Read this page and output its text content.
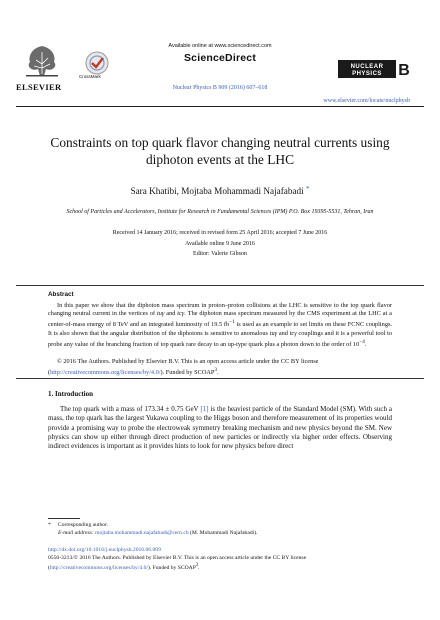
ELSEVIER
CrossMark
Available online at www.sciencedirect.com
ScienceDirect
Nuclear Physics B 909 (2016) 607–618
NUCLEAR
PHYSICS B
www.elsevier.com/locate/nuclphysb
Constraints on top quark flavor changing neutral currents using diphoton events at the LHC
Sara Khatibi, Mojtaba Mohammadi Najafabadi *
School of Particles and Accelerators, Institute for Research in Fundamental Sciences (IPM) P.O. Box 19395-5531, Tehran, Iran
Received 14 January 2016; received in revised form 25 April 2016; accepted 7 June 2016
Available online 9 June 2016
Editor: Valerie Gibson
Abstract

In this paper we show that the diphoton mass spectrum in proton–proton collisions at the LHC is sensitive to the top quark flavor changing neutral current in the vertices of tuγ and tcγ. The diphoton mass spectrum measured by the CMS experiment at the LHC at a center-of-mass energy of 8 TeV and an integrated luminosity of 19.5 $fb^{-1}$ is used as an example to set limits on these FCNC couplings. It is also shown that the angular distribution of the diphotons is sensitive to anomalous tuγ and tcγ couplings and it is a powerful tool to probe any value of the branching fraction of top quark rare decay to an up-type quark plus a photon down to the order of $10^{-4}$.

© 2016 The Authors. Published by Elsevier B.V. This is an open access article under the CC BY license (http://creativecommons.org/licenses/by/4.0/). Funded by SCOAP$^3$.
1. Introduction
The top quark with a mass of 173.34 ± 0.75 GeV [1] is the heaviest particle of the Standard Model (SM). With such a mass, the top quark has the largest Yukawa coupling to the Higgs boson and therefore measurement of its properties would provide a promising way to probe the electroweak symmetry breaking mechanism and new physics beyond the SM. New physics can show up either through direct production of new particles or indirectly via higher order effects. Observing indirect evidences is important as it provides hints to look for new physics before direct
* Corresponding author.
E-mail address: mojtaba.mohammadi.najafabadi@cern.ch (M. Mohammadi Najafabadi).
http://dx.doi.org/10.1016/j.nuclphysb.2016.06.009
0550-3213/© 2016 The Authors. Published by Elsevier B.V. This is an open access article under the CC BY license
(http://creativecommons.org/licenses/by/4.0/). Funded by SCOAP$^3$.
